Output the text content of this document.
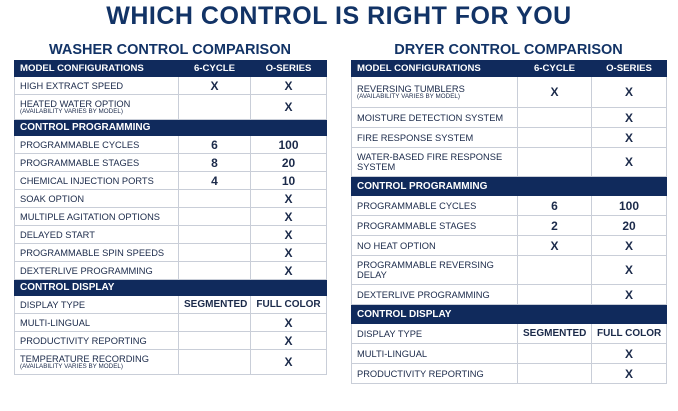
WHICH CONTROL IS RIGHT FOR YOU
WASHER CONTROL COMPARISON
MODEL CONFIGURATIONS	6-CYCLE	O-SERIES
HIGH EXTRACT SPEED	X	X

HEATED WATER OPTION
(AVAILABILITY VARIES BY MODEL)		X
CONTROL PROGRAMMING		
PROGRAMMABLE CYCLES	6	100
PROGRAMMABLE STAGES	8	20
CHEMICAL INJECTION PORTS	4	10
SOAK OPTION		X
MULTIPLE AGITATION OPTIONS		X
DELAYED START		X
PROGRAMMABLE SPIN SPEEDS		X
DEXTERLIVE PROGRAMMING		X
CONTROL DISPLAY		
DISPLAY TYPE	SEGMENTED	FULL COLOR
MULTI-LINGUAL		X
PRODUCTIVITY REPORTING		X

TEMPERATURE RECORDING
(AVAILABILITY VARIES BY MODEL)		X
DRYER CONTROL COMPARISON
MODEL CONFIGURATIONS	6-CYCLE	O-SERIES

REVERSING TUMBLERS
(AVAILABILITY VARIES BY MODEL)	X	X
MOISTURE DETECTION SYSTEM		X
FIRE RESPONSE SYSTEM		X

WATER-BASED FIRE RESPONSE
SYSTEM		X
CONTROL PROGRAMMING		
PROGRAMMABLE CYCLES	6	100
PROGRAMMABLE STAGES	2	20
NO HEAT OPTION	X	X

PROGRAMMABLE REVERSING
DELAY		X
DEXTERLIVE PROGRAMMING		X
CONTROL DISPLAY		
DISPLAY TYPE	SEGMENTED	FULL COLOR
MULTI-LINGUAL		X
PRODUCTIVITY REPORTING		X
